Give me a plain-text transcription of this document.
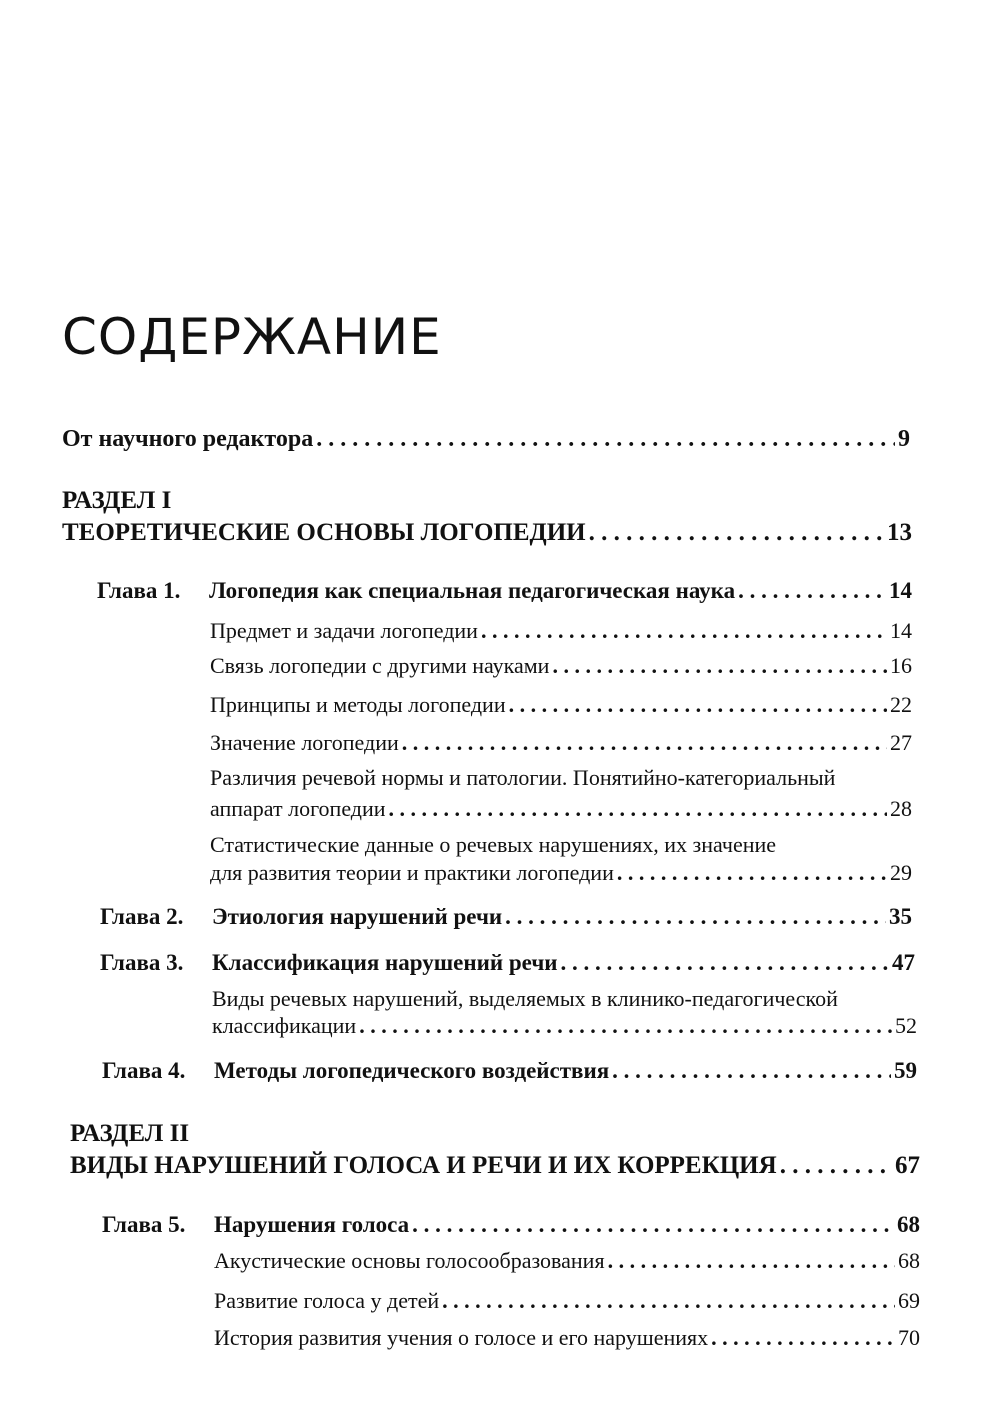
СОДЕРЖАНИЕ
От научного редактора . . .	9
РАЗДЕЛ I
ТЕОРЕТИЧЕСКИЕ ОСНОВЫ ЛОГОПЕДИИ . . .	13
Глава 1.	Логопедия как специальная педагогическая наука . . .	14
Предмет и задачи логопедии . . .	14
Связь логопедии с другими науками . . .	16
Принципы и методы логопедии . . .	22
Значение логопедии . . .	27
Различия речевой нормы и патологии. Понятийно-категориальный
аппарат логопедии . . .	28
Статистические данные о речевых нарушениях, их значение
для развития теории и практики логопедии . . .	29
Глава 2.	Этиология нарушений речи . . .	35
Глава 3.	Классификация нарушений речи . . .	47
Виды речевых нарушений, выделяемых в клинико-педагогической
классификации . . .	52
Глава 4.	Методы логопедического воздействия . . .	59
РАЗДЕЛ II
ВИДЫ НАРУШЕНИЙ ГОЛОСА И РЕЧИ И ИХ КОРРЕКЦИЯ . . .	67
Глава 5.	Нарушения голоса . . .	68
Акустические основы голосообразования . . .	68
Развитие голоса у детей . . .	69
История развития учения о голосе и его нарушениях . . .	70
